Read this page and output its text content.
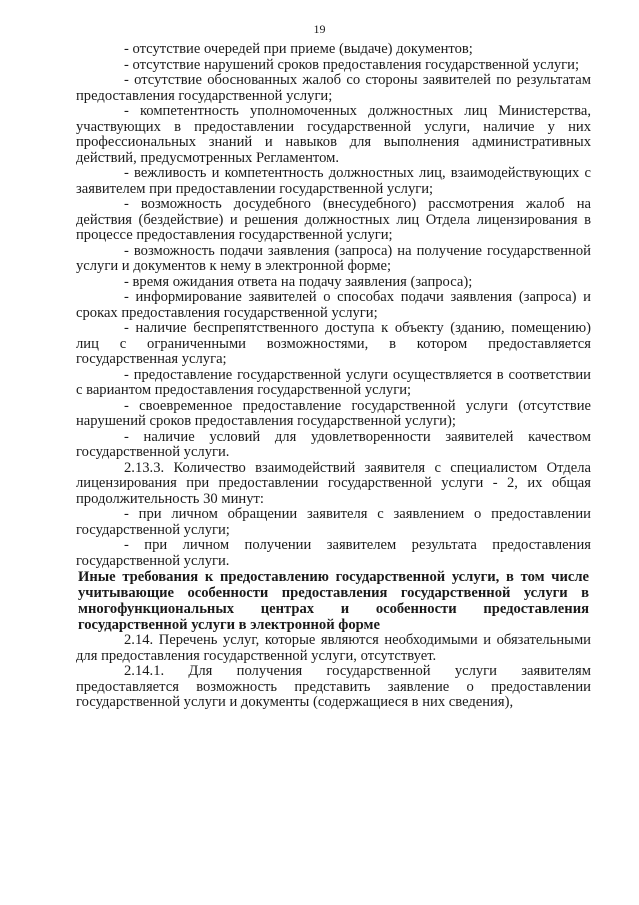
19

- отсутствие очередей при приеме (выдаче) документов;

- отсутствие нарушений сроков предоставления государственной услуги;

- отсутствие обоснованных жалоб со стороны заявителей по результатам предоставления государственной услуги;

- компетентность уполномоченных должностных лиц Министерства, участвующих в предоставлении государственной услуги, наличие у них профессиональных знаний и навыков для выполнения административных действий, предусмотренных Регламентом.

- вежливость и компетентность должностных лиц, взаимодействующих с заявителем при предоставлении государственной услуги;

- возможность досудебного (внесудебного) рассмотрения жалоб на действия (бездействие) и решения должностных лиц Отдела лицензирования в процессе предоставления государственной услуги;

- возможность подачи заявления (запроса) на получение государственной услуги и документов к нему в электронной форме;

- время ожидания ответа на подачу заявления (запроса);

- информирование заявителей о способах подачи заявления (запроса) и сроках предоставления государственной услуги;

- наличие беспрепятственного доступа к объекту (зданию, помещению) лиц с ограниченными возможностями, в котором предоставляется государственная услуга;

- предоставление государственной услуги осуществляется в соответствии с вариантом предоставления государственной услуги;

- своевременное предоставление государственной услуги (отсутствие нарушений сроков предоставления государственной услуги);

- наличие условий для удовлетворенности заявителей качеством государственной услуги.

2.13.3. Количество взаимодействий заявителя с специалистом Отдела лицензирования при предоставлении государственной услуги - 2, их общая продолжительность 30 минут:

- при личном обращении заявителя с заявлением о предоставлении государственной услуги;

- при личном получении заявителем результата предоставления государственной услуги.

Иные требования к предоставлению государственной услуги, в том числе учитывающие особенности предоставления государственной услуги в многофункциональных центрах и особенности предоставления государственной услуги в электронной форме

2.14. Перечень услуг, которые являются необходимыми и обязательными для предоставления государственной услуги, отсутствует.

2.14.1. Для получения государственной услуги заявителям предоставляется возможность представить заявление о предоставлении государственной услуги и документы (содержащиеся в них сведения),
